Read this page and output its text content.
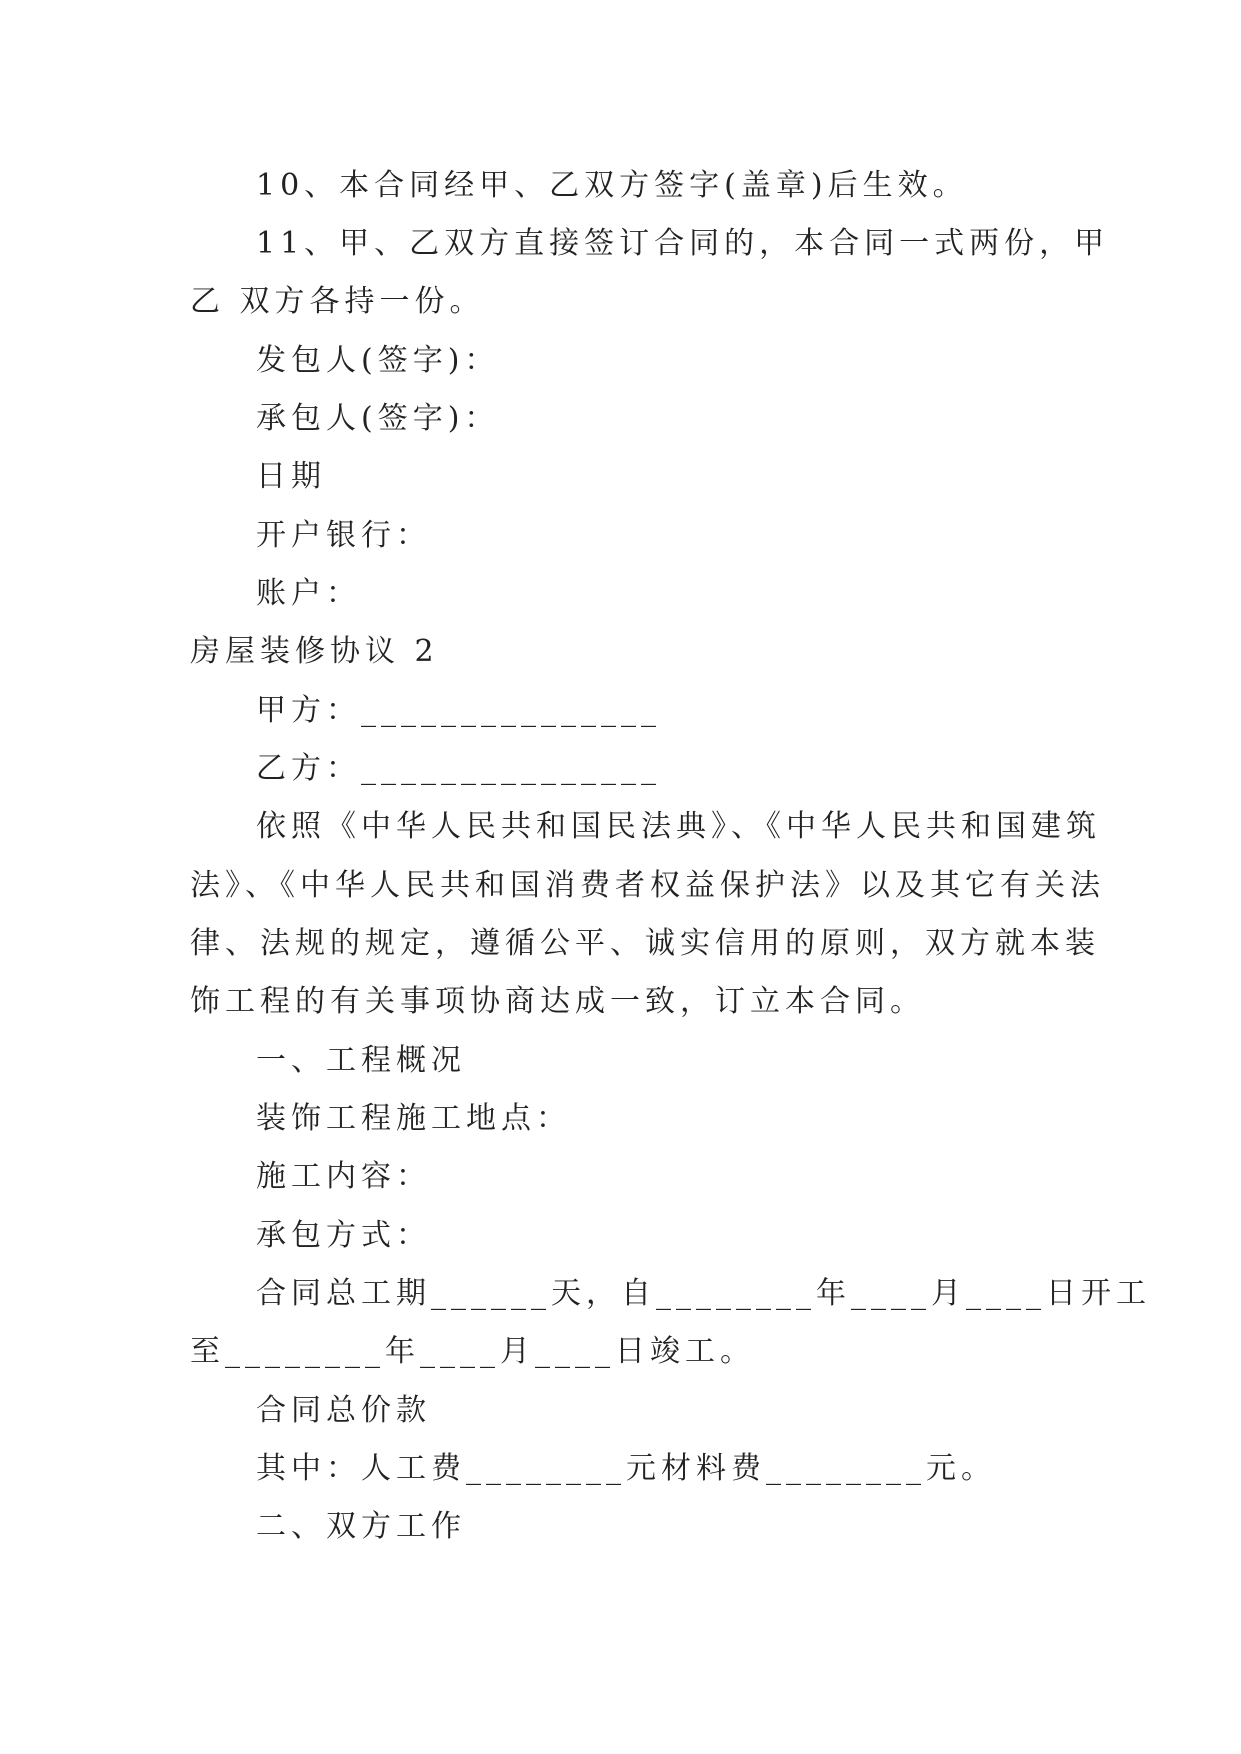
10、本合同经甲、乙双方签字(盖章)后生效。
11、甲、乙双方直接签订合同的，本合同一式两份，甲
乙 双方各持一份。
发包人(签字)：
承包人(签字)：
日期
开户银行：
账户：
房屋装修协议 2
甲方：_______________
乙方：_______________
依照《中华人民共和国民法典》、《中华人民共和国建筑
法》、《中华人民共和国消费者权益保护法》以及其它有关法
律、法规的规定，遵循公平、诚实信用的原则，双方就本装
饰工程的有关事项协商达成一致，订立本合同。
一、工程概况
装饰工程施工地点：
施工内容：
承包方式：
合同总工期______天，自________年____月____日开工
至________年____月____日竣工。
合同总价款
其中：人工费________元材料费________元。
二、双方工作
